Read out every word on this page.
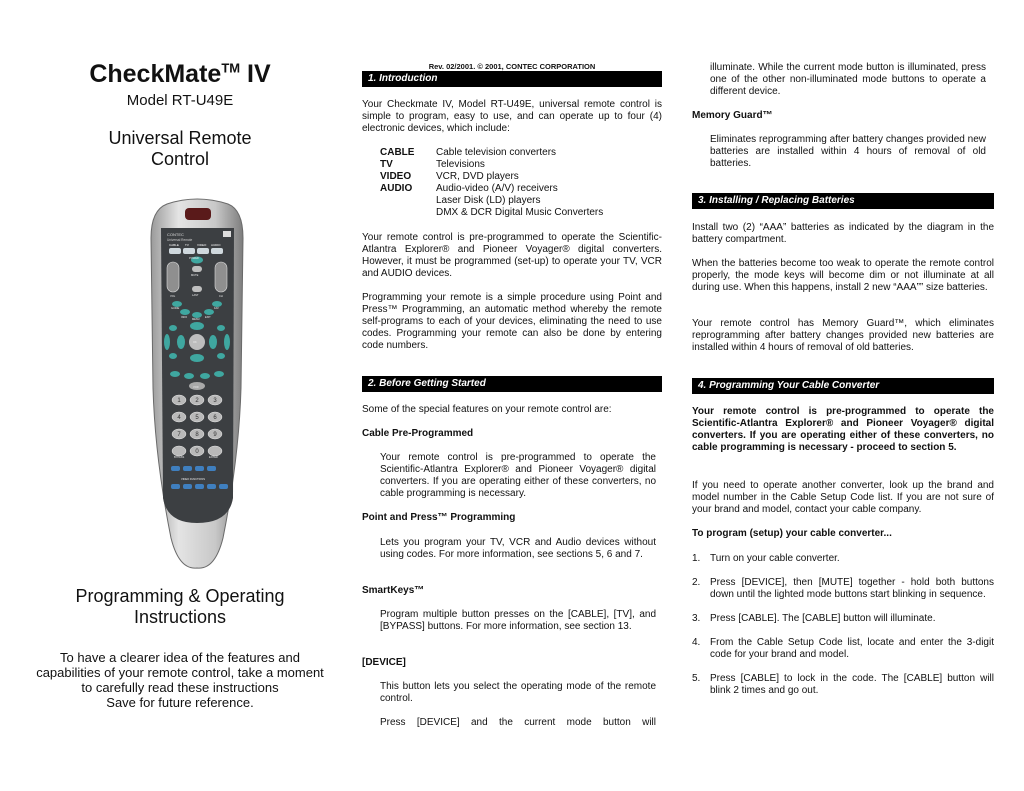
CheckMate™ IV
Model RT-U49E
Universal Remote
Control
CONTEC
Universal Remote
CABLE TV	VIDEO AUDIO
1 2 3
4 5 6
7 8 9
0
POWER
VOL	CH
MUTE
LAST
GUIDE
INFO
MENU
EXIT
FAV
OK
BYPASS
VOD
ENTER
VIDEO FUNCTIONS
Programming & Operating
Instructions
To have a clearer idea of the features and
capabilities of your remote control, take a moment
to carefully read these instructions
Save for future reference.
Rev. 02/2001. © 2001, CONTEC CORPORATION
1. Introduction

Your Checkmate IV, Model RT-U49E, universal remote control is simple to program, easy to use, and can operate up to four (4) electronic devices, which include:

CABLE	Cable television converters
TV	Televisions
VIDEO	VCR, DVD players
AUDIO	Audio-video (A/V) receivers
Laser Disk (LD) players
DMX & DCR Digital Music Converters

Your remote control is pre-programmed to operate the Scientific-Atlantra Explorer® and Pioneer Voyager® digital converters. However, it must be programmed (set-up) to operate your TV, VCR and AUDIO devices.

Programming your remote is a simple procedure using Point and Press™ Programming, an automatic method whereby the remote self-programs to each of your devices, eliminating the need to use codes. Programming your remote can also be done by entering code numbers.

2. Before Getting Started

Some of the special features on your remote control are:

Cable Pre-Programmed

Your remote control is pre-programmed to operate the Scientific-Atlantra Explorer® and Pioneer Voyager® digital converters. If you are operating either of these converters, no cable programming is necessary.

Point and Press™ Programming

Lets you program your TV, VCR and Audio devices without using codes. For more information, see sections 5, 6 and 7.

SmartKeys™

Program multiple button presses on the [CABLE], [TV], and [BYPASS] buttons. For more information, see section 13.

[DEVICE]

This button lets you select the operating mode of the remote control.

Press [DEVICE] and the current mode button will

illuminate. While the current mode button is illuminated, press one of the other non-illuminated mode buttons to operate a different device.

Memory Guard™

Eliminates reprogramming after battery changes provided new batteries are installed within 4 hours of removal of old batteries.

3. Installing / Replacing Batteries

Install two (2) “AAA” batteries as indicated by the diagram in the battery compartment.

When the batteries become too weak to operate the remote control properly, the mode keys will become dim or not illuminate at all during use. When this happens, install 2 new “AAA”” size batteries.

Your remote control has Memory Guard™, which eliminates reprogramming after battery changes provided new batteries are installed within 4 hours of removal of old batteries.

4. Programming Your Cable Converter

Your remote control is pre-programmed to operate the Scientific-Atlantra Explorer® and Pioneer Voyager® digital converters. If you are operating either of these converters, no cable programming is necessary - proceed to section 5.

If you need to operate another converter, look up the brand and model number in the Cable Setup Code list. If you are not sure of your brand and model, contact your cable company.

To program (setup) your cable converter...

1. Turn on your cable converter.
2. Press [DEVICE], then [MUTE] together - hold both buttons down until the lighted mode buttons start blinking in sequence.
3. Press [CABLE]. The [CABLE] button will illuminate.
4. From the Cable Setup Code list, locate and enter the 3-digit code for your brand and model.
5. Press [CABLE] to lock in the code. The [CABLE] button will blink 2 times and go out.
